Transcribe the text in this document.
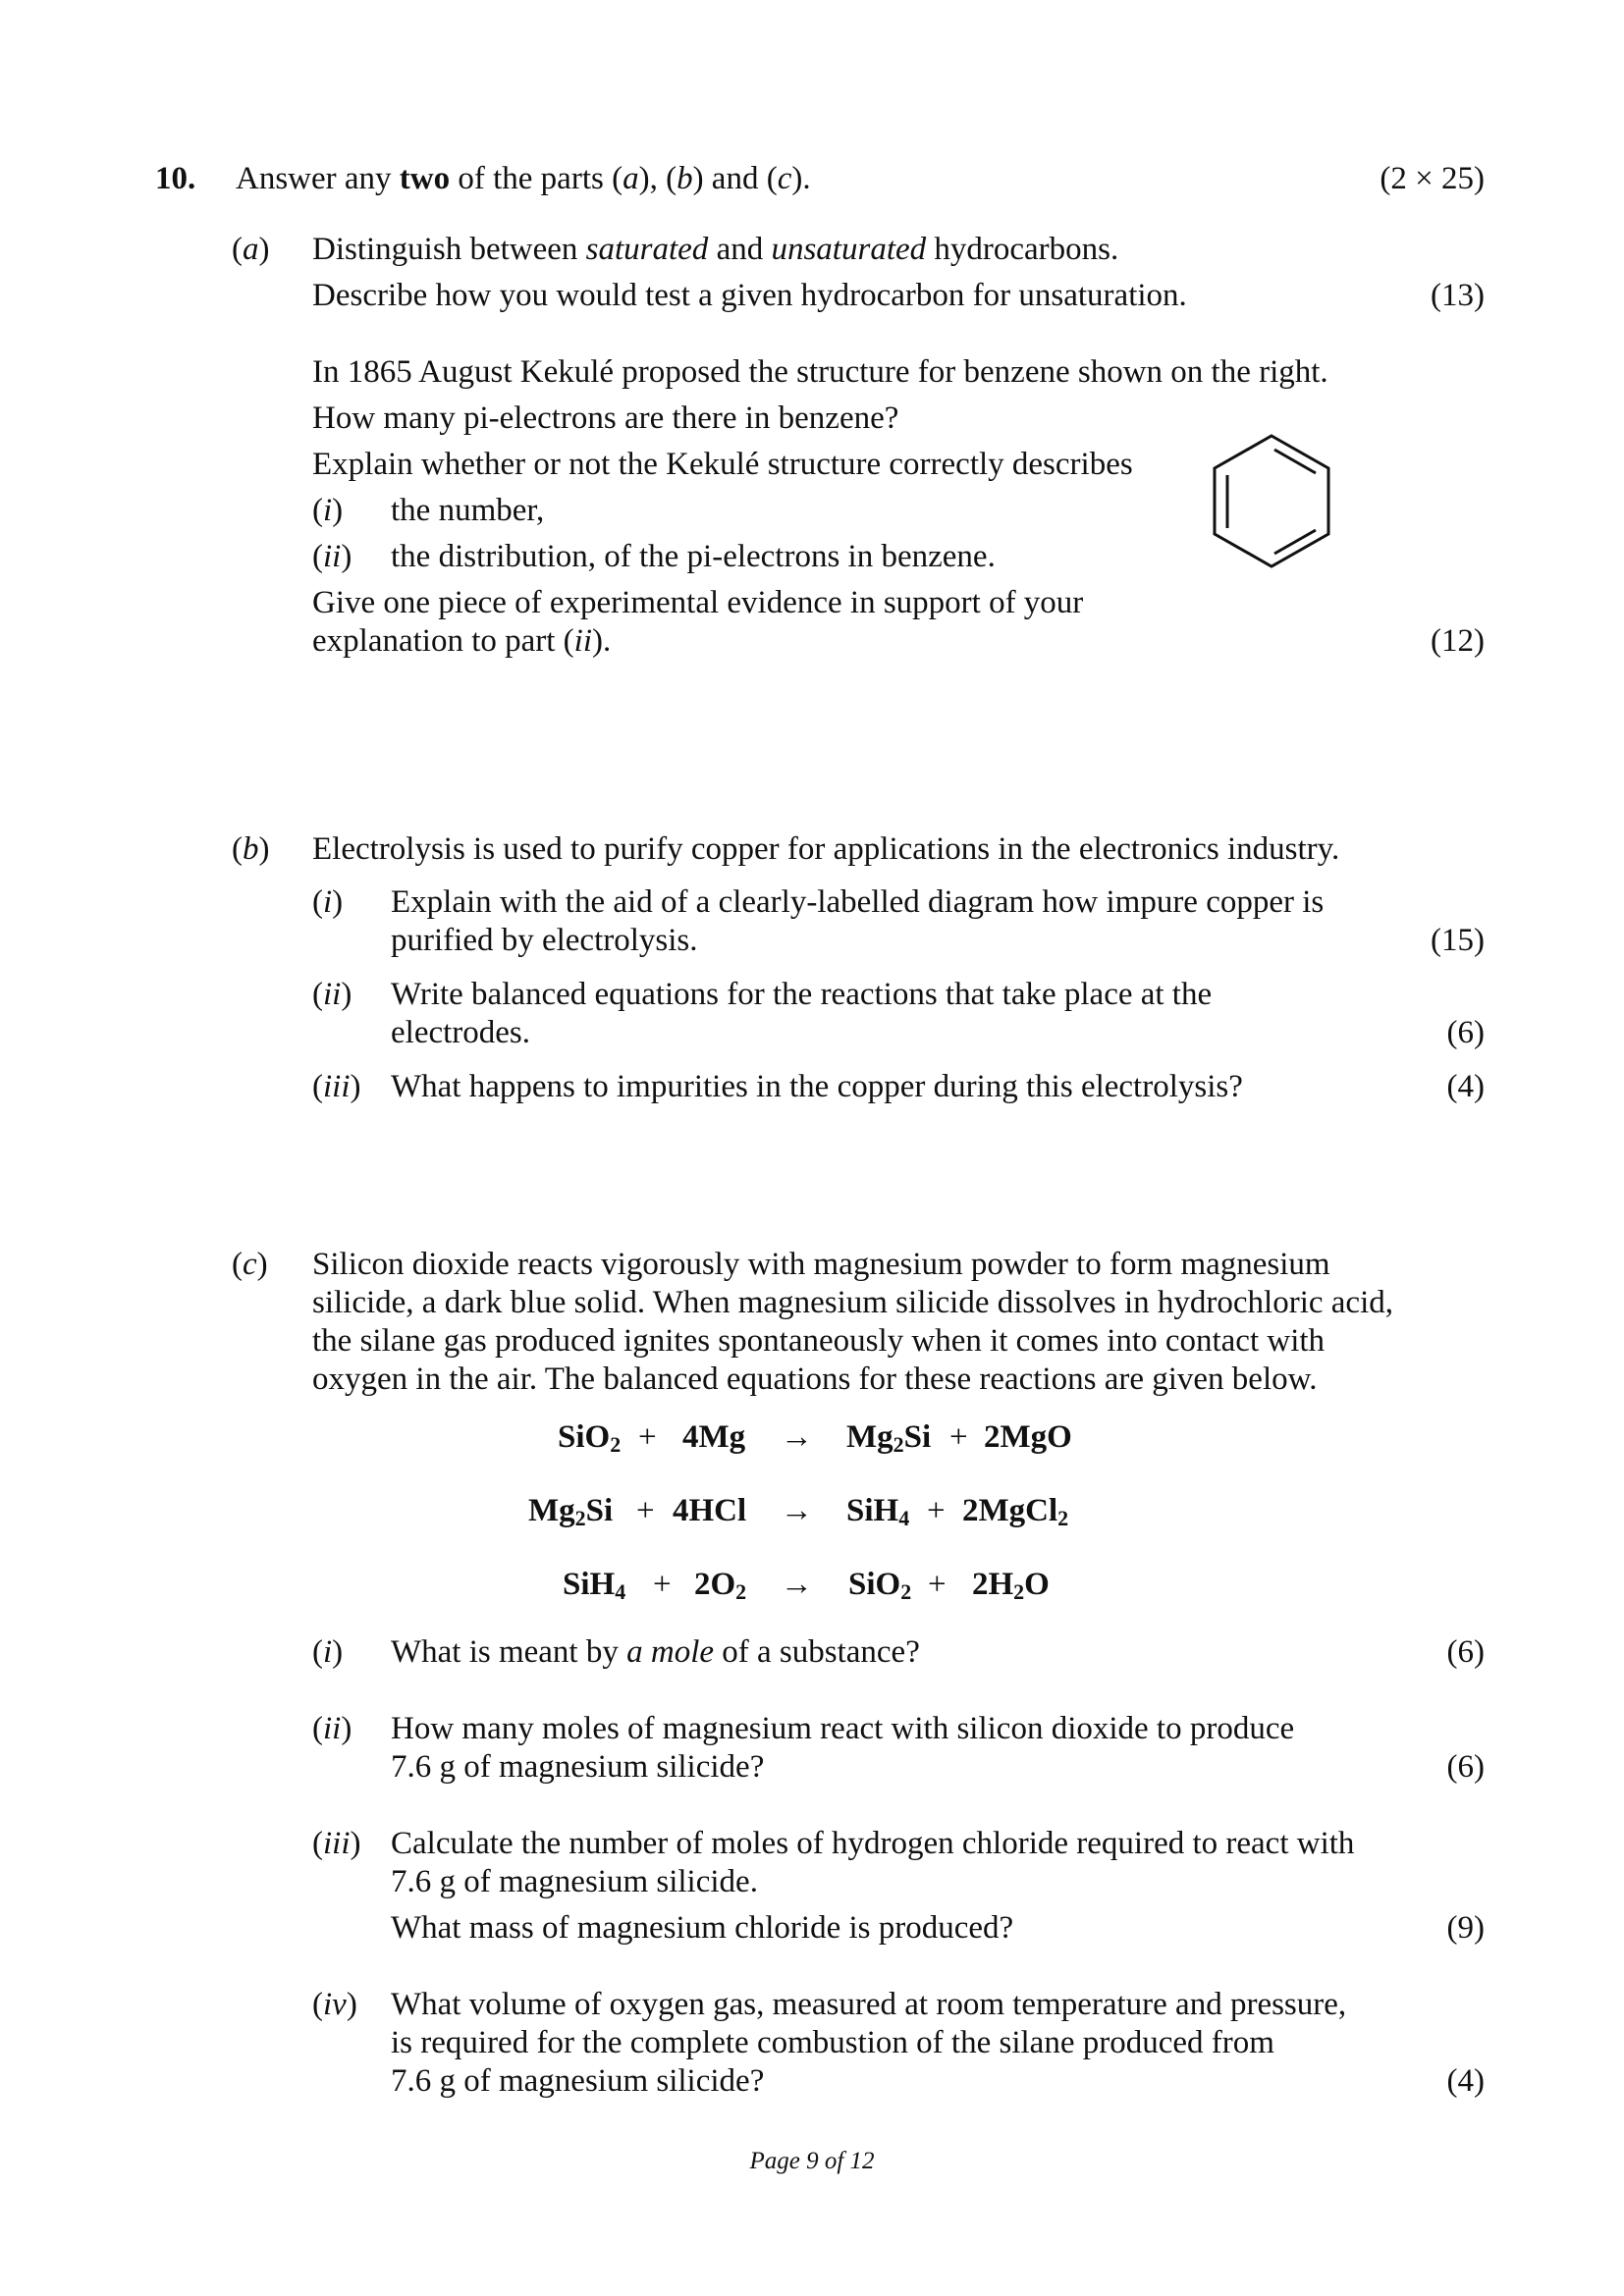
10. Answer any two of the parts (a), (b) and (c).	(2 × 25)
(a) Distinguish between saturated and unsaturated hydrocarbons.
Describe how you would test a given hydrocarbon for unsaturation.	(13)
In 1865 August Kekulé proposed the structure for benzene shown on the right.
How many pi-electrons are there in benzene?
Explain whether or not the Kekulé structure correctly describes
(i) the number,
(ii) the distribution, of the pi-electrons in benzene.
Give one piece of experimental evidence in support of your
explanation to part (ii).	(12)
(b) Electrolysis is used to purify copper for applications in the electronics industry.
(i) Explain with the aid of a clearly-labelled diagram how impure copper is
purified by electrolysis.	(15)
(ii) Write balanced equations for the reactions that take place at the
electrodes.	(6)
(iii) What happens to impurities in the copper during this electrolysis?	(4)
(c) Silicon dioxide reacts vigorously with magnesium powder to form magnesium
silicide, a dark blue solid. When magnesium silicide dissolves in hydrochloric acid,
the silane gas produced ignites spontaneously when it comes into contact with
oxygen in the air. The balanced equations for these reactions are given below.
$SiO_2 + 4Mg \to Mg_2Si + 2MgO$
$Mg_2Si + 4HCl \to SiH_4$ + 2MgCl$_2$
$SiH_4 + 2O_2 \to SiO_2 + 2H_2O$
(i) What is meant by a mole of a substance?	(6)
(ii) How many moles of magnesium react with silicon dioxide to produce
7.6 g of magnesium silicide?	(6)
(iii) Calculate the number of moles of hydrogen chloride required to react with
7.6 g of magnesium silicide.
What mass of magnesium chloride is produced?	(9)
(iv) What volume of oxygen gas, measured at room temperature and pressure,
is required for the complete combustion of the silane produced from
7.6 g of magnesium silicide?	(4)
Page 9 of 12
